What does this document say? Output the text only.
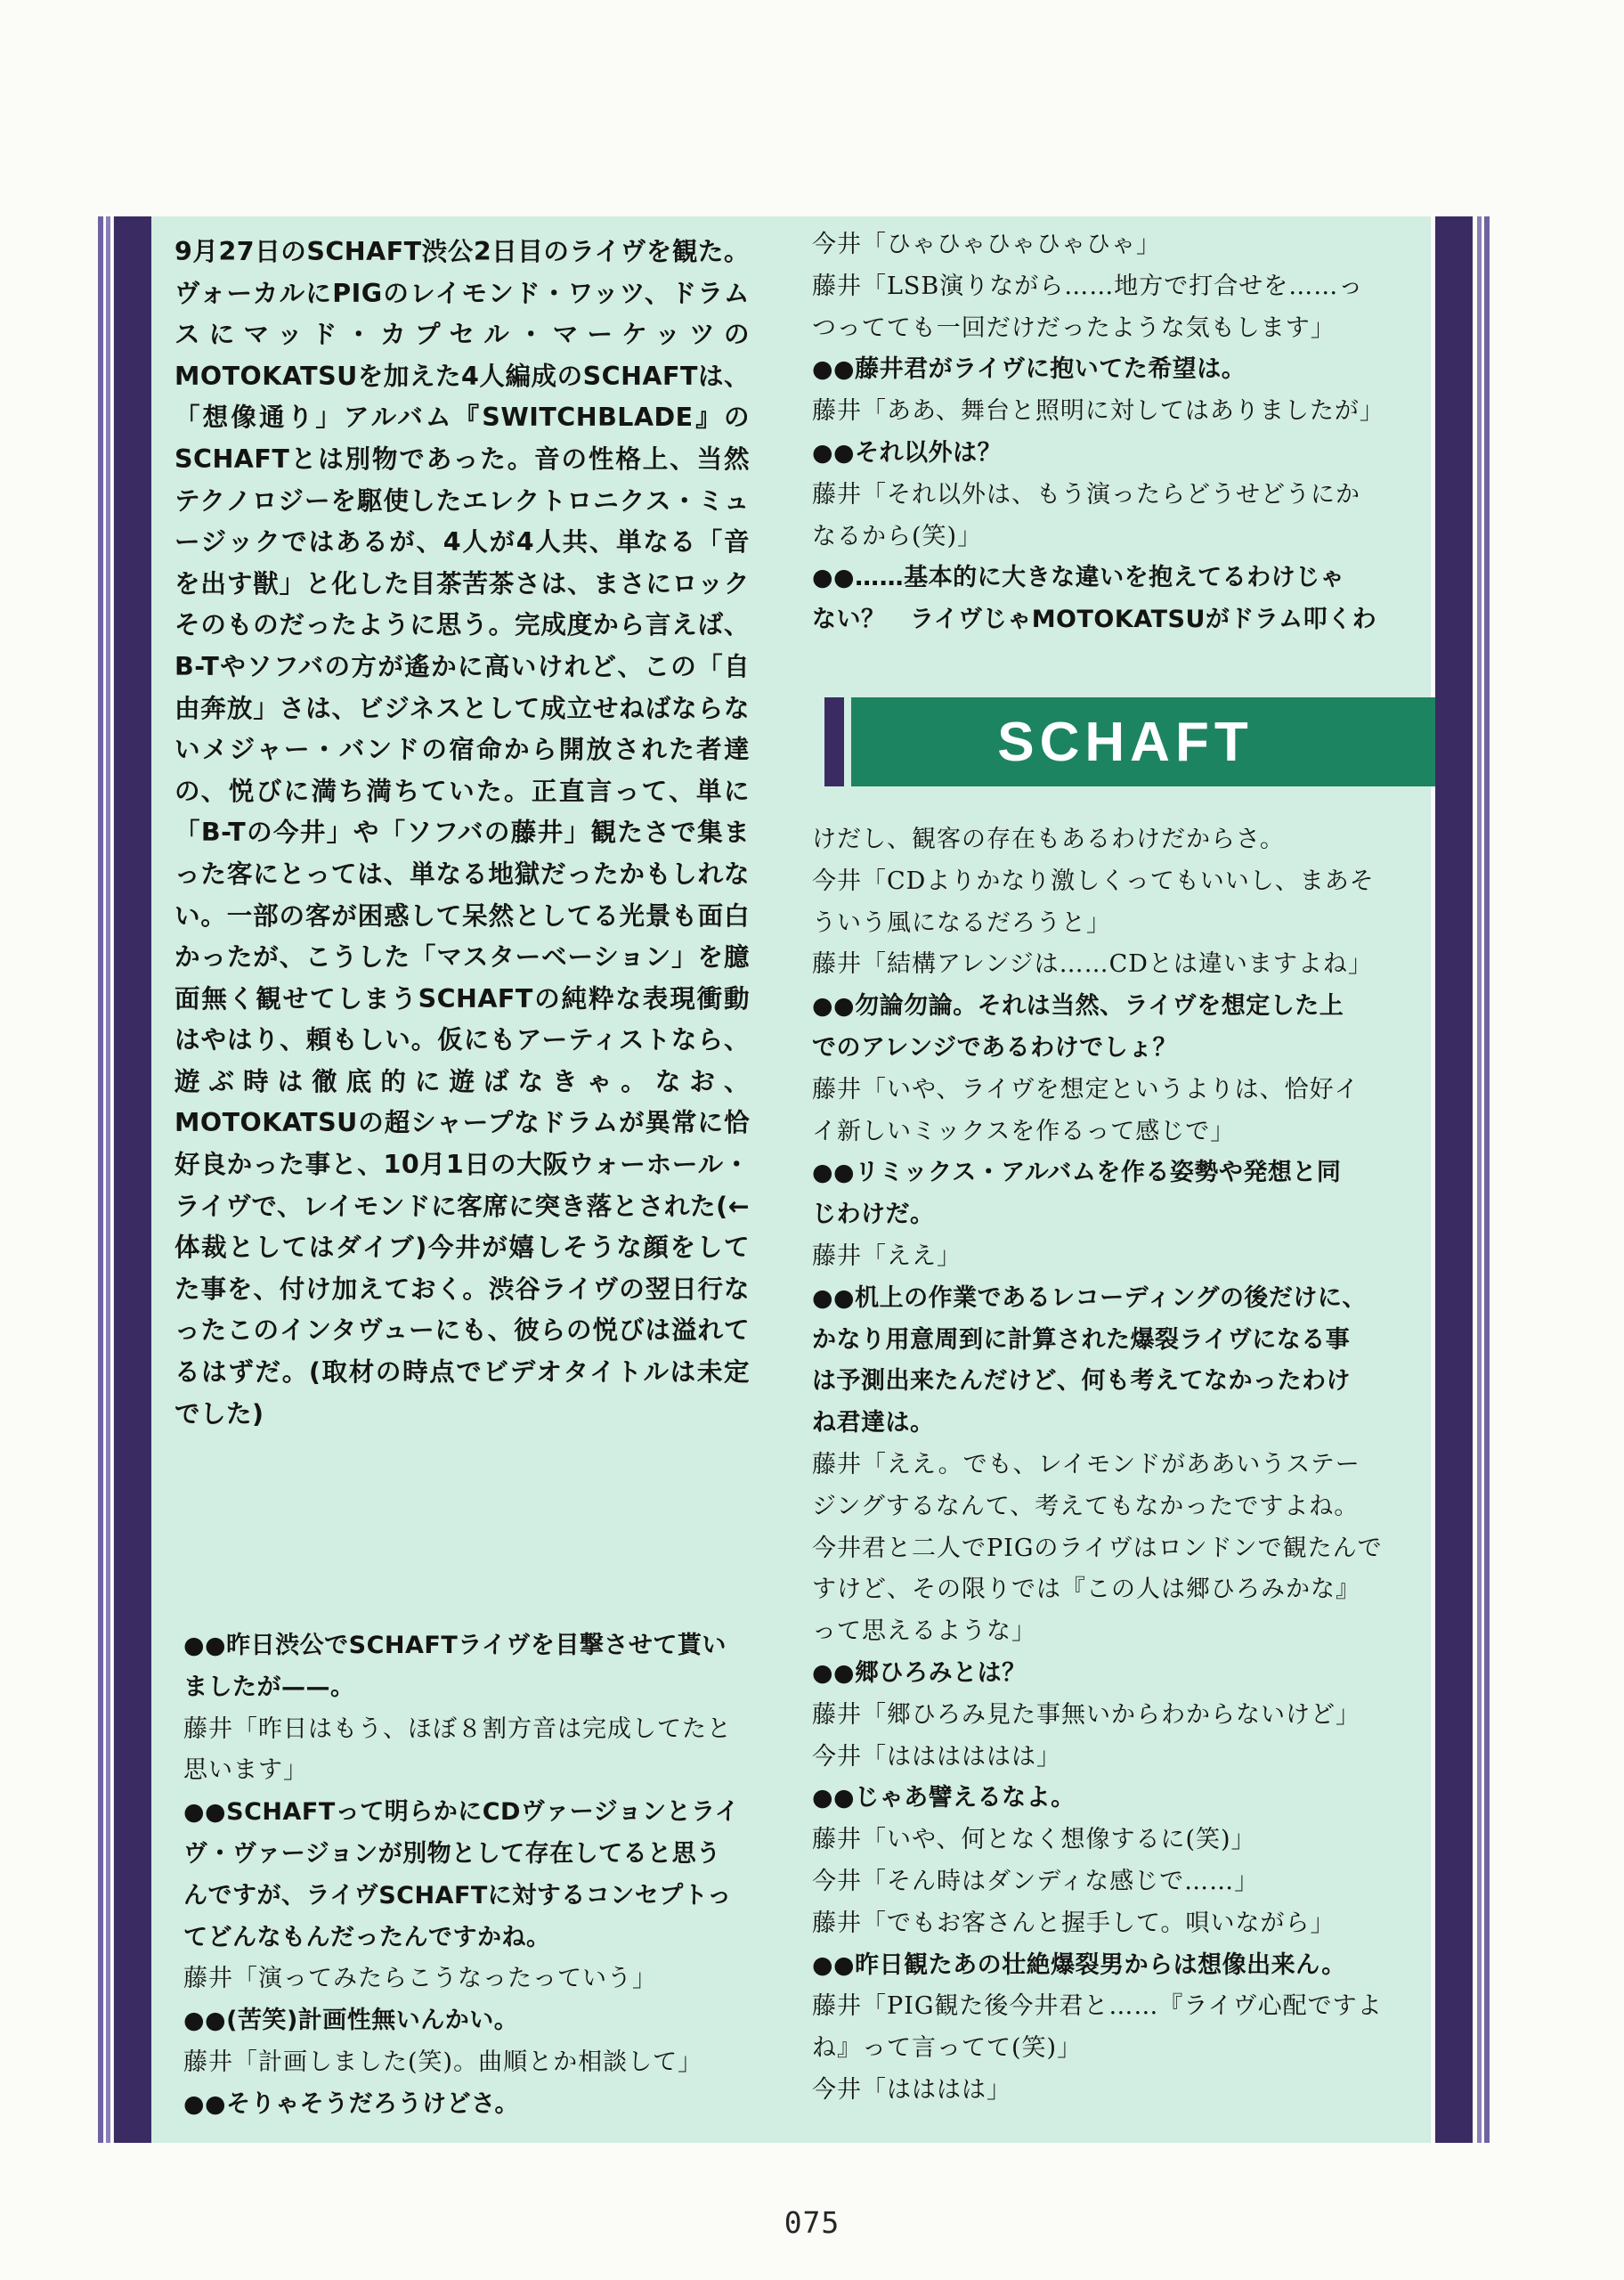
9月27日のSCHAFT渋公2日目のライヴを観た。ヴォーカルにPIGのレイモンド・ワッツ、ドラムスにマッド・カプセル・マーケッツのMOTOKATSUを加えた4人編成のSCHAFTは、「想像通り」アルバム『SWITCHBLADE』のSCHAFTとは別物であった。音の性格上、当然テクノロジーを駆使したエレクトロニクス・ミュージックではあるが、4人が4人共、単なる「音を出す獣」と化した目茶苦茶さは、まさにロックそのものだったように思う。完成度から言えば、B-Tやソフバの方が遙かに高いけれど、この「自由奔放」さは、ビジネスとして成立せねばならないメジャー・バンドの宿命から開放された者達の、悦びに満ち満ちていた。正直言って、単に「B-Tの今井」や「ソフバの藤井」観たさで集まった客にとっては、単なる地獄だったかもしれない。一部の客が困惑して呆然としてる光景も面白かったが、こうした「マスターベーション」を臆面無く観せてしまうSCHAFTの純粋な表現衝動はやはり、頼もしい。仮にもアーティストなら、遊ぶ時は徹底的に遊ばなきゃ。なお、MOTOKATSUの超シャープなドラムが異常に恰好良かった事と、10月1日の大阪ウォーホール・ライヴで、レイモンドに客席に突き落とされた(←体裁としてはダイブ)今井が嬉しそうな顔をしてた事を、付け加えておく。渋谷ライヴの翌日行なったこのインタヴューにも、彼らの悦びは溢れてるはずだ。(取材の時点でビデオタイトルは未定でした)

●●昨日渋公でSCHAFTライヴを目撃させて貰い
ましたが——。
藤井「昨日はもう、ほぼ８割方音は完成してたと
思います」
●●SCHAFTって明らかにCDヴァージョンとライ
ヴ・ヴァージョンが別物として存在してると思う
んですが、ライヴSCHAFTに対するコンセプトっ
てどんなもんだったんですかね。
藤井「演ってみたらこうなったっていう」
●●(苦笑)計画性無いんかい。
藤井「計画しました(笑)。曲順とか相談して」
●●そりゃそうだろうけどさ。
今井「ひゃひゃひゃひゃひゃ」
藤井「LSB演りながら……地方で打合せを……っ
つってても一回だけだったような気もします」
●●藤井君がライヴに抱いてた希望は。
藤井「ああ、舞台と照明に対してはありましたが」
●●それ以外は？
藤井「それ以外は、もう演ったらどうせどうにか
なるから(笑)」
●●……基本的に大きな違いを抱えてるわけじゃ
ない？　ライヴじゃMOTOKATSUがドラム叩くわ
SCHAFT
けだし、観客の存在もあるわけだからさ。
今井「CDよりかなり激しくってもいいし、まあそ
ういう風になるだろうと」
藤井「結構アレンジは……CDとは違いますよね」
●●勿論勿論。それは当然、ライヴを想定した上
でのアレンジであるわけでしょ？
藤井「いや、ライヴを想定というよりは、恰好イ
イ新しいミックスを作るって感じで」
●●リミックス・アルバムを作る姿勢や発想と同
じわけだ。
藤井「ええ」
●●机上の作業であるレコーディングの後だけに、
かなり用意周到に計算された爆裂ライヴになる事
は予測出来たんだけど、何も考えてなかったわけ
ね君達は。
藤井「ええ。でも、レイモンドがああいうステー
ジングするなんて、考えてもなかったですよね。
今井君と二人でPIGのライヴはロンドンで観たんで
すけど、その限りでは『この人は郷ひろみかな』
って思えるような」
●●郷ひろみとは？
藤井「郷ひろみ見た事無いからわからないけど」
今井「はははははは」
●●じゃあ譬えるなよ。
藤井「いや、何となく想像するに(笑)」
今井「そん時はダンディな感じで……」
藤井「でもお客さんと握手して。唄いながら」
●●昨日観たあの壮絶爆裂男からは想像出来ん。
藤井「PIG観た後今井君と……『ライヴ心配ですよ
ね』って言ってて(笑)」
今井「はははは」
075
